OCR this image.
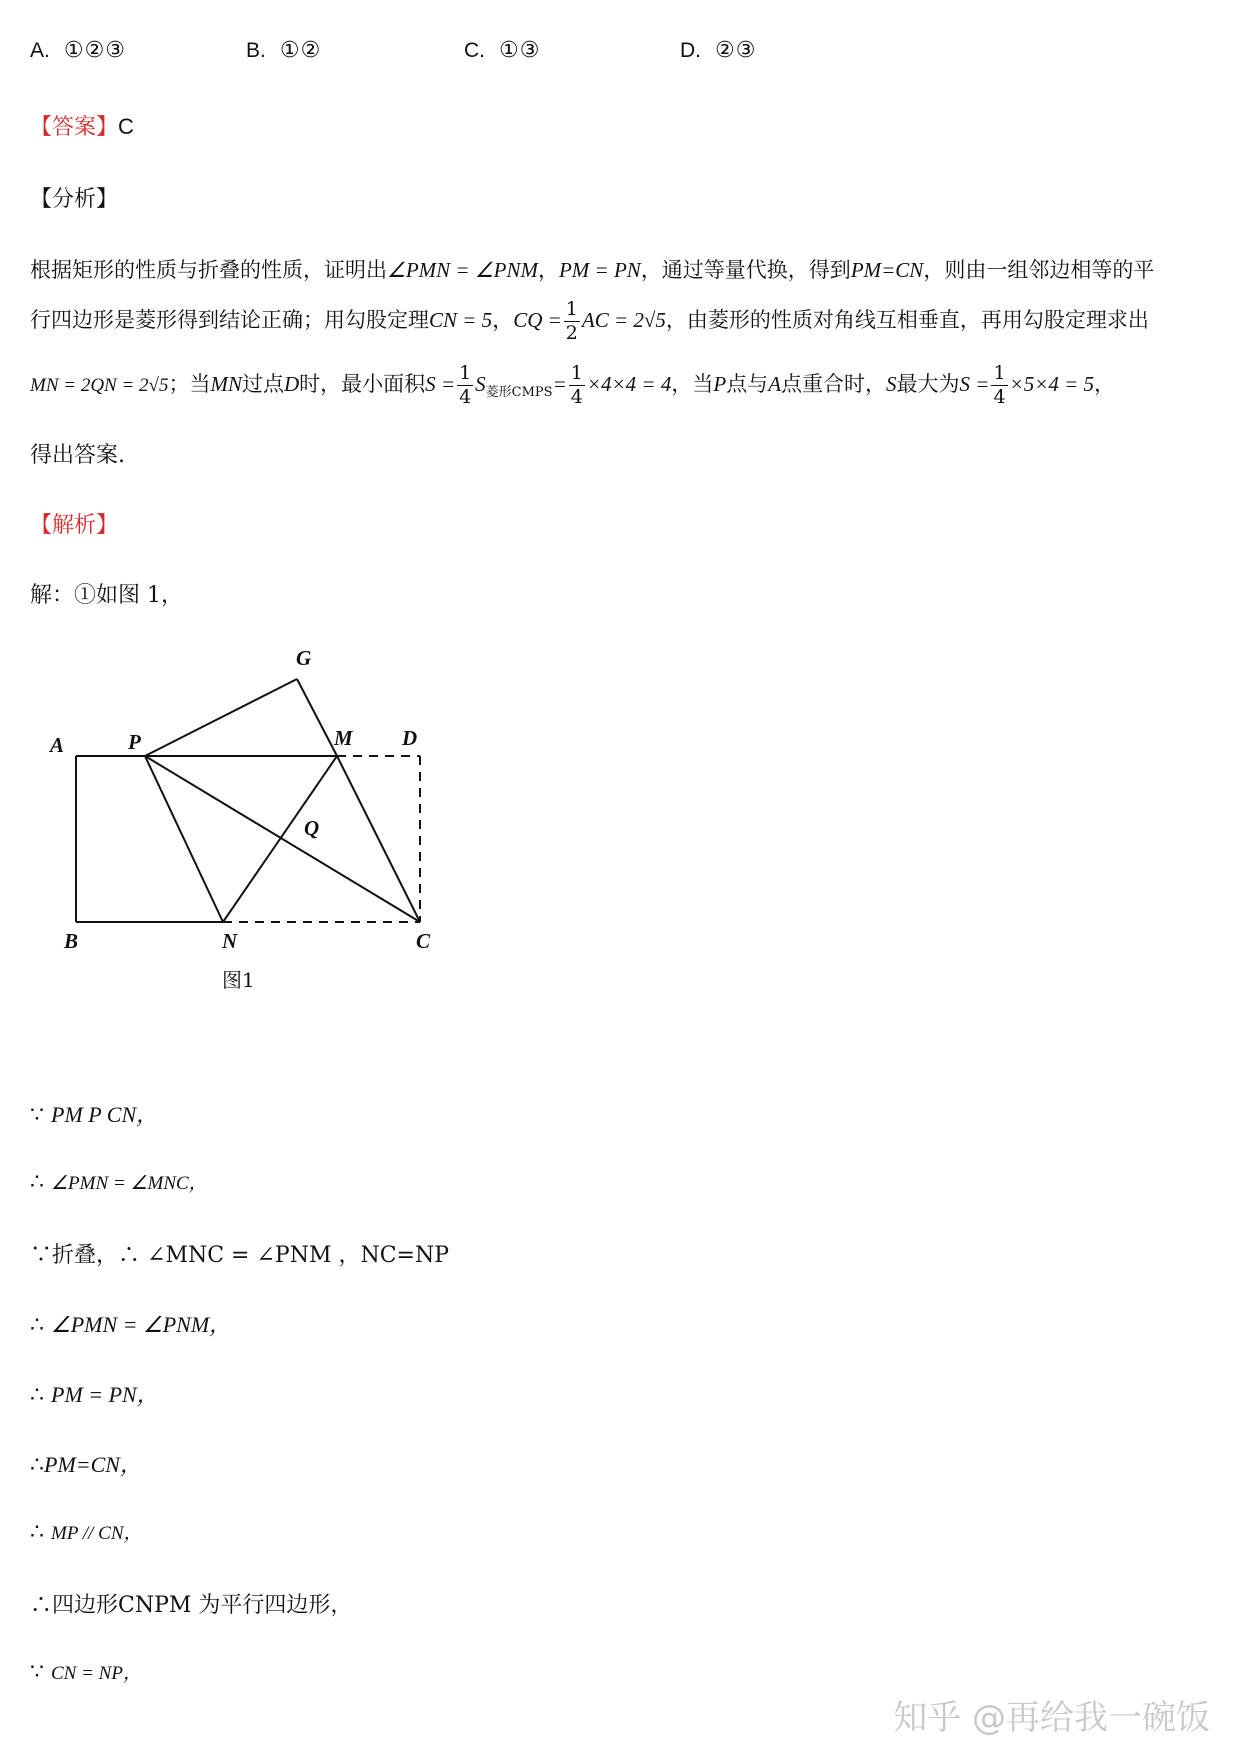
A. ①②③	B. ①②	C. ①③	D. ②③
【答案】C
【分析】
根据矩形的性质与折叠的性质，证明出∠PMN = ∠PNM，PM = PN，通过等量代换，得到PM=CN，则由一组邻边相等的平
行四边形是菱形得到结论正确；用勾股定理CN = 5，CQ = $\frac{1}{2}$ AC = 2√5，由菱形的性质对角线互相垂直，再用勾股定理求出
MN = 2QN = 2√5；当MN过点D时，最小面积$S = \frac{1}{4} S_{菱形CMPS}= \frac{1}{4} \times 4\times 4 = 4$，当P点与A点重合时，S最大为$S = \frac{1}{4} \times 5\times 4 = 5$，
得出答案.
【解析】
解：①如图 1，
A	P
G
M D
Q
B	N	C
图1
∵ PM P CN，
∴ ∠PMN = ∠MNC，
∵折叠，∴ ∠MNC = ∠PNM ，NC=NP
∴ ∠PMN = ∠PNM，
∴ PM = PN，
∴PM=CN，
∴ MP // CN，
∴四边形CNPM 为平行四边形，
∵ CN = NP，
知乎 @再给我一碗饭
